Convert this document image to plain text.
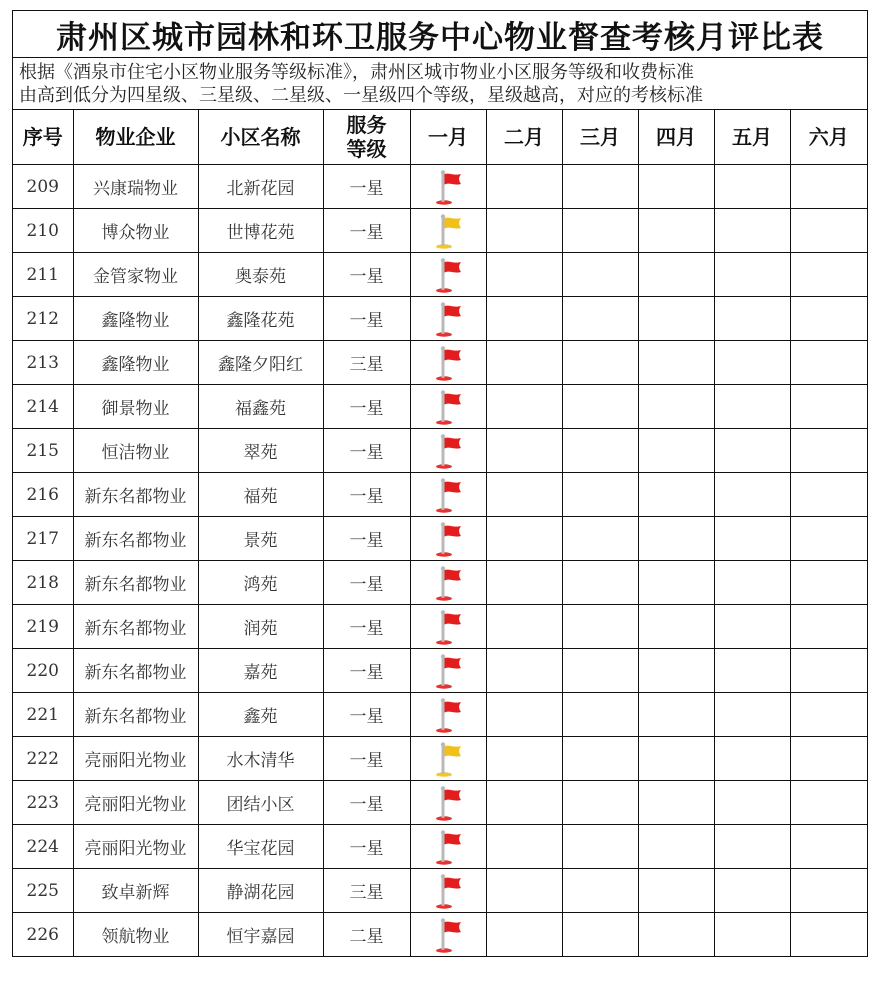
肃州区城市园林和环卫服务中心物业督查考核月评比表
根据《酒泉市住宅小区物业服务等级标准》，肃州区城市物业小区服务等级和收费标准
由高到低分为四星级、三星级、二星级、一星级四个等级，星级越高，对应的考核标准
序号	物业企业	小区名称	服务
等级	一月	二月	三月	四月	五月	六月
209	兴康瑞物业	北新花园	一星						
210	博众物业	世博花苑	一星						
211	金管家物业	奥泰苑	一星						
212	鑫隆物业	鑫隆花苑	一星						
213	鑫隆物业	鑫隆夕阳红	三星						
214	御景物业	福鑫苑	一星						
215	恒洁物业	翠苑	一星						
216	新东名都物业	福苑	一星						
217	新东名都物业	景苑	一星						
218	新东名都物业	鸿苑	一星						
219	新东名都物业	润苑	一星						
220	新东名都物业	嘉苑	一星						
221	新东名都物业	鑫苑	一星						
222	亮丽阳光物业	水木清华	一星						
223	亮丽阳光物业	团结小区	一星						
224	亮丽阳光物业	华宝花园	一星						
225	致卓新辉	静湖花园	三星						
226	领航物业	恒宇嘉园	二星						
